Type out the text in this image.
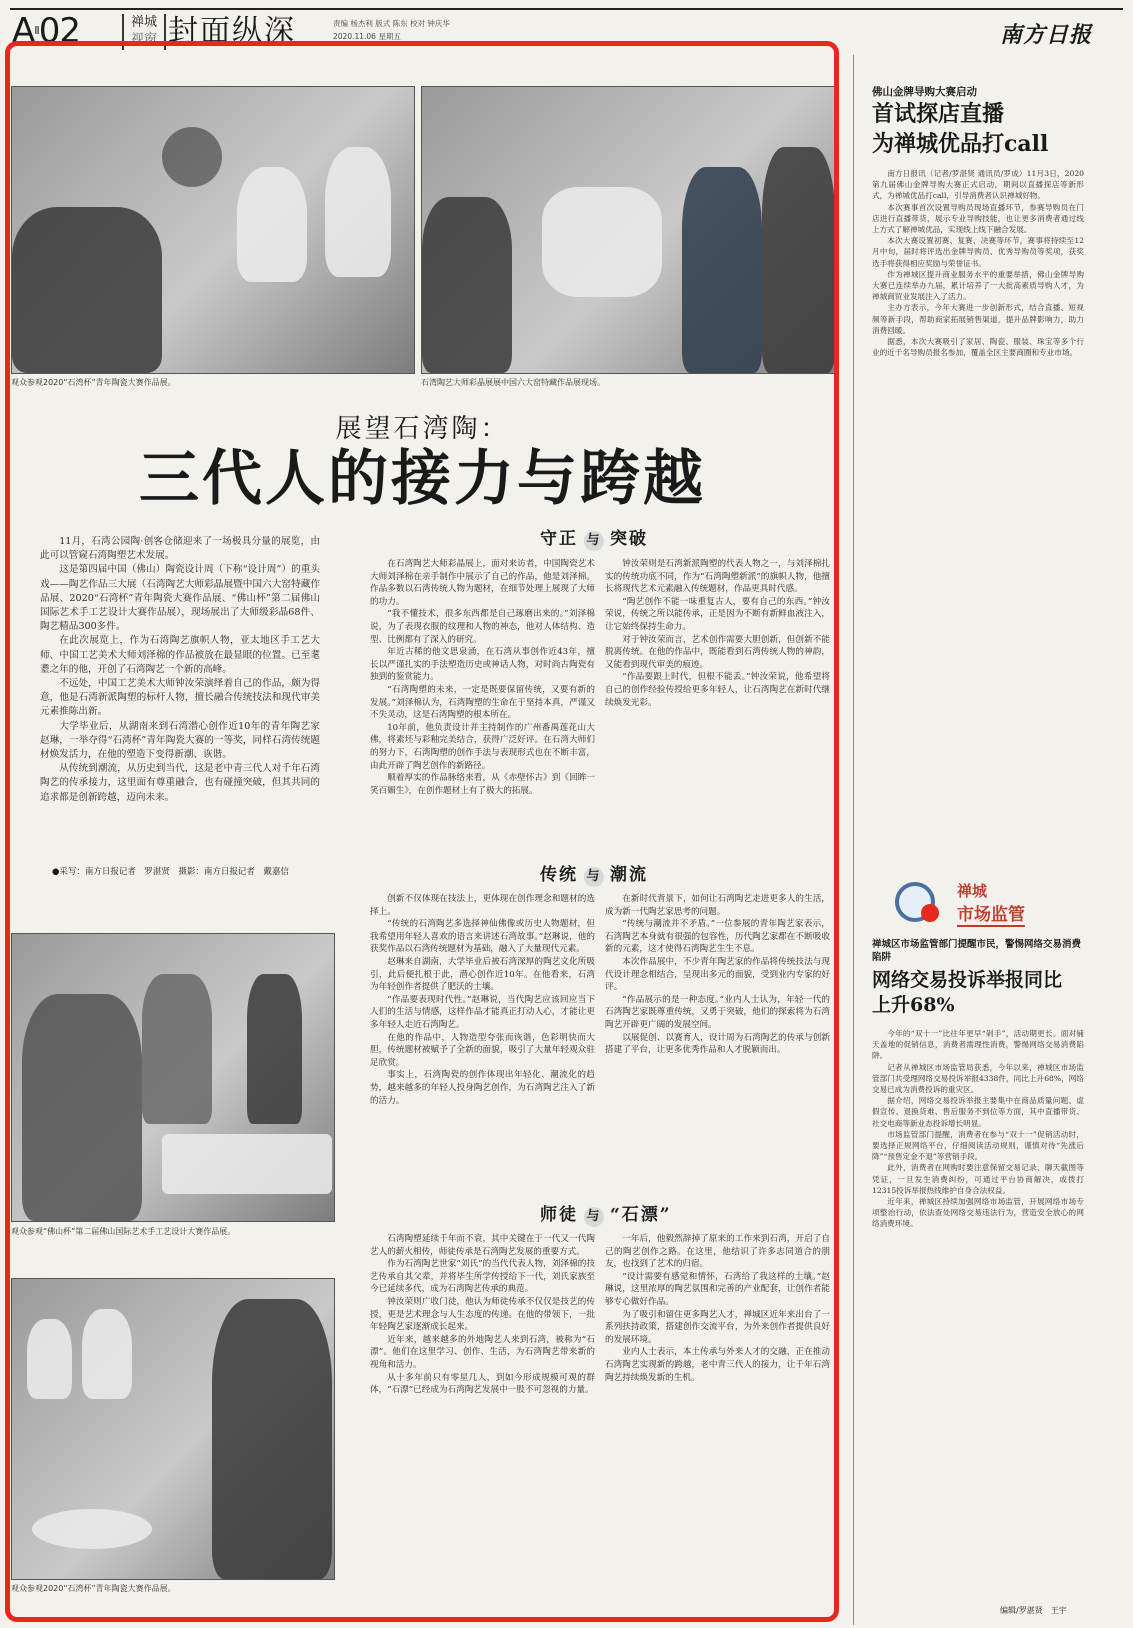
AII02	禅城
视窗 封面纵深	责编 杨杰利 版式 陈东 校对 钟庆华
2020.11.06 星期五	南方日报
观众参观2020“石湾杯”青年陶瓷大赛作品展。	石湾陶艺大师彩晶展展中国六大窑特藏作品展现场。
展望石湾陶：
三代人的接力与跨越

11月，石湾公园陶·创客仓储迎来了一场极具分量的展览，由此可以管窥石湾陶塑艺术发展。

这是第四届中国（佛山）陶瓷设计周（下称“设计周”）的重头戏——陶艺作品三大展（石湾陶艺大师彩晶展暨中国六大窑特藏作品展、2020“石湾杯”青年陶瓷大赛作品展、“佛山杯”第二届佛山国际艺术手工艺设计大赛作品展），现场展出了大师级彩晶68件、陶艺精品300多件。

在此次展览上，作为石湾陶艺旗帜人物，亚太地区手工艺大师、中国工艺美术大师刘泽棉的作品被放在最显眼的位置。已至耄耋之年的他，开创了石湾陶艺一个新的高峰。

不远处，中国工艺美术大师钟汝荣演绎着自己的作品，颇为得意，他是石湾新派陶塑的标杆人物，擅长融合传统技法和现代审美元素推陈出新。

大学毕业后，从湖南来到石湾潜心创作近10年的青年陶艺家赵琳，一举夺得“石湾杯”青年陶瓷大赛的一等奖，同样石湾传统题材焕发活力，在他的塑造下变得新潮、诙谐。

从传统到潮流，从历史到当代，这是老中青三代人对千年石湾陶艺的传承接力，这里面有尊重融合，也有碰撞突破，但其共同的追求都是创新跨越，迈向未来。

●采写：南方日报记者　罗湛贤　摄影：南方日报记者　戴嘉信
守正 与 突破

在石湾陶艺大师彩晶展上，面对来访者，中国陶瓷艺术大师刘泽棉在亲手制作中展示了自己的作品，他是刘泽棉。作品多数以石湾传统人物为题材，在细节处理上展现了大师的功力。

“我不懂技术，很多东西都是自己琢磨出来的。”刘泽棉说，为了表现衣服的纹理和人物的神态，他对人体结构、造型、比例都有了深入的研究。

年近古稀的他文思泉涌，在石湾从事创作近43年，擅长以严谨扎实的手法塑造历史或神话人物，对时尚古陶瓷有独到的鉴赏能力。

“石湾陶塑的未来，一定是既要保留传统，又要有新的发展。”刘泽棉认为，石湾陶塑的生命在于坚持本真，严谨又不失灵动，这是石湾陶塑的根本所在。

10年前，他负责设计并主持制作的广州番禺莲花山大佛，将素坯与彩釉完美结合，获得广泛好评。在石湾大师们的努力下，石湾陶塑的创作手法与表现形式也在不断丰富，由此开辟了陶艺创作的新路径。

顺着厚实的作品脉络来看，从《赤壁怀古》到《回眸一笑百媚生》，在创作题材上有了极大的拓展。

钟汝荣则是石湾新派陶塑的代表人物之一，与刘泽棉扎实的传统功底不同，作为“石湾陶塑新派”的旗帜人物，他擅长将现代艺术元素融入传统题材，作品更具时代感。

“陶艺创作不能一味重复古人，要有自己的东西。”钟汝荣说，传统之所以能传承，正是因为不断有新鲜血液注入，让它始终保持生命力。

对于钟汝荣而言，艺术创作需要大胆创新，但创新不能脱离传统。在他的作品中，既能看到石湾传统人物的神韵，又能看到现代审美的痕迹。

“作品要跟上时代，但根不能丢。”钟汝荣说，他希望将自己的创作经验传授给更多年轻人，让石湾陶艺在新时代继续焕发光彩。

传统 与 潮流

创新不仅体现在技法上，更体现在创作理念和题材的选择上。

“传统的石湾陶艺多选择神仙佛像或历史人物题材，但我希望用年轻人喜欢的语言来讲述石湾故事。”赵琳说，他的获奖作品以石湾传统题材为基础，融入了大量现代元素。

赵琳来自湖南，大学毕业后被石湾深厚的陶艺文化所吸引，此后便扎根于此，潜心创作近10年。在他看来，石湾为年轻创作者提供了肥沃的土壤。

“作品要表现时代性。”赵琳说，当代陶艺应该回应当下人们的生活与情感，这样作品才能真正打动人心，才能让更多年轻人走近石湾陶艺。

在他的作品中，人物造型夸张而诙谐，色彩明快而大胆，传统题材被赋予了全新的面貌，吸引了大量年轻观众驻足欣赏。

事实上，石湾陶瓷的创作体现出年轻化、潮流化的趋势，越来越多的年轻人投身陶艺创作，为石湾陶艺注入了新的活力。

在新时代背景下，如何让石湾陶艺走进更多人的生活，成为新一代陶艺家思考的问题。

“传统与潮流并不矛盾。”一位参展的青年陶艺家表示，石湾陶艺本身就有很强的包容性，历代陶艺家都在不断吸收新的元素，这才使得石湾陶艺生生不息。

本次作品展中，不少青年陶艺家的作品将传统技法与现代设计理念相结合，呈现出多元的面貌，受到业内专家的好评。

“作品展示的是一种态度。”业内人士认为，年轻一代的石湾陶艺家既尊重传统，又勇于突破，他们的探索将为石湾陶艺开辟更广阔的发展空间。

以展促创、以赛育人，设计周为石湾陶艺的传承与创新搭建了平台，让更多优秀作品和人才脱颖而出。

师徒 与 “石漂”

石湾陶塑延续千年而不衰，其中关键在于一代又一代陶艺人的薪火相传，师徒传承是石湾陶艺发展的重要方式。

作为石湾陶艺世家“刘氏”的当代代表人物，刘泽棉的技艺传承自其父辈，并将毕生所学传授给下一代，刘氏家族至今已延续多代，成为石湾陶艺传承的典范。

钟汝荣则广收门徒，他认为师徒传承不仅仅是技艺的传授，更是艺术理念与人生态度的传递。在他的带领下，一批年轻陶艺家逐渐成长起来。

近年来，越来越多的外地陶艺人来到石湾，被称为“石漂”。他们在这里学习、创作、生活，为石湾陶艺带来新的视角和活力。

从十多年前只有零星几人，到如今形成规模可观的群体，“石漂”已经成为石湾陶艺发展中一股不可忽视的力量。

一年后，他毅然辞掉了原来的工作来到石湾，开启了自己的陶艺创作之路。在这里，他结识了许多志同道合的朋友，也找到了艺术的归宿。

“设计需要有感觉和情怀，石湾给了我这样的土壤。”赵琳说，这里浓厚的陶艺氛围和完善的产业配套，让创作者能够专心做好作品。

为了吸引和留住更多陶艺人才，禅城区近年来出台了一系列扶持政策，搭建创作交流平台，为外来创作者提供良好的发展环境。

业内人士表示，本土传承与外来人才的交融，正在推动石湾陶艺实现新的跨越，老中青三代人的接力，让千年石湾陶艺持续焕发新的生机。

观众参观“佛山杯”第二届佛山国际艺术手工艺设计大赛作品展。
观众参观2020“石湾杯”青年陶瓷大赛作品展。
佛山金牌导购大赛启动
首试探店直播
为禅城优品打call

南方日报讯（记者/罗湛贤 通讯员/罗成）11月3日，2020第九届佛山金牌导购大赛正式启动，期间以直播探店等新形式，为禅城优品打call，引导消费者认识禅城好物。

本次赛事首次设置导购员现场直播环节，参赛导购员在门店进行直播带货，展示专业导购技能，也让更多消费者通过线上方式了解禅城优品，实现线上线下融合发展。

本次大赛设置初赛、复赛、决赛等环节，赛事将持续至12月中旬，届时将评选出金牌导购员、优秀导购员等奖项，获奖选手将获得相应奖励与荣誉证书。

作为禅城区提升商业服务水平的重要举措，佛山金牌导购大赛已连续举办九届，累计培养了一大批高素质导购人才，为禅城商贸业发展注入了活力。

主办方表示，今年大赛进一步创新形式，结合直播、短视频等新手段，帮助商家拓展销售渠道，提升品牌影响力，助力消费回暖。

据悉，本次大赛吸引了家居、陶瓷、服装、珠宝等多个行业的近千名导购员报名参加，覆盖全区主要商圈和专业市场。

禅城
市场监管
禅城区市场监管部门提醒市民，警惕网络交易消费陷阱
网络交易投诉举报同比
上升68%

今年的“双十一”比往年更早“剁手”，活动期更长。面对铺天盖地的促销信息，消费者需理性消费，警惕网络交易消费陷阱。

记者从禅城区市场监管局获悉，今年以来，禅城区市场监管部门共受理网络交易投诉举报4338件，同比上升68%，网络交易已成为消费投诉的重灾区。

据介绍，网络交易投诉举报主要集中在商品质量问题、虚假宣传、退换货难、售后服务不到位等方面，其中直播带货、社交电商等新业态投诉增长明显。

市场监管部门提醒，消费者在参与“双十一”促销活动时，要选择正规网络平台，仔细阅读活动规则，谨慎对待“先涨后降”“预售定金不退”等营销手段。

此外，消费者在网购时要注意保留交易记录、聊天截图等凭证，一旦发生消费纠纷，可通过平台协商解决，或拨打12315投诉举报热线维护自身合法权益。

近年来，禅城区持续加强网络市场监管，开展网络市场专项整治行动，依法查处网络交易违法行为，营造安全放心的网络消费环境。

编辑/罗湛贤　王宇
